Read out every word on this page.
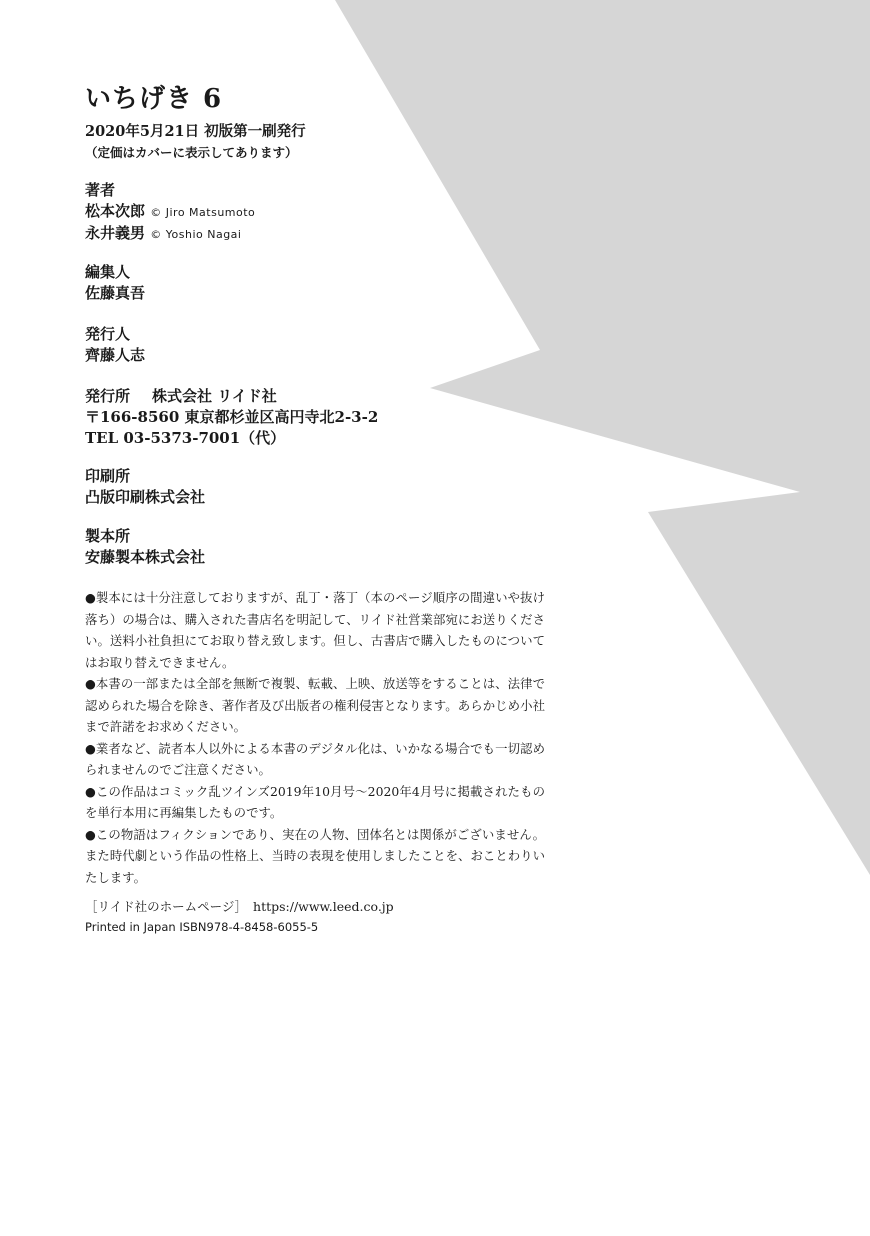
いちげき 6
2020年5月21日 初版第一刷発行
（定価はカバーに表示してあります）
著者
松本次郎 © Jiro Matsumoto
永井義男 © Yoshio Nagai
編集人
佐藤真吾
発行人
齊藤人志
発行所 株式会社 リイド社
〒166-8560 東京都杉並区高円寺北2-3-2
TEL 03-5373-7001（代）
印刷所
凸版印刷株式会社
製本所
安藤製本株式会社

●製本には十分注意しておりますが、乱丁・落丁（本のページ順序の間違いや抜け落ち）の場合は、購入された書店名を明記して、リイド社営業部宛にお送りください。送料小社負担にてお取り替え致します。但し、古書店で購入したものについてはお取り替えできません。

●本書の一部または全部を無断で複製、転載、上映、放送等をすることは、法律で認められた場合を除き、著作者及び出版者の権利侵害となります。あらかじめ小社まで許諾をお求めください。

●業者など、読者本人以外による本書のデジタル化は、いかなる場合でも一切認められませんのでご注意ください。

●この作品はコミック乱ツインズ2019年10月号〜2020年4月号に掲載されたものを単行本用に再編集したものです。

●この物語はフィクションであり、実在の人物、団体名とは関係がございません。また時代劇という作品の性格上、当時の表現を使用しましたことを、おことわりいたします。

［リイド社のホームページ］ https://www.leed.co.jp
Printed in Japan ISBN978-4-8458-6055-5
